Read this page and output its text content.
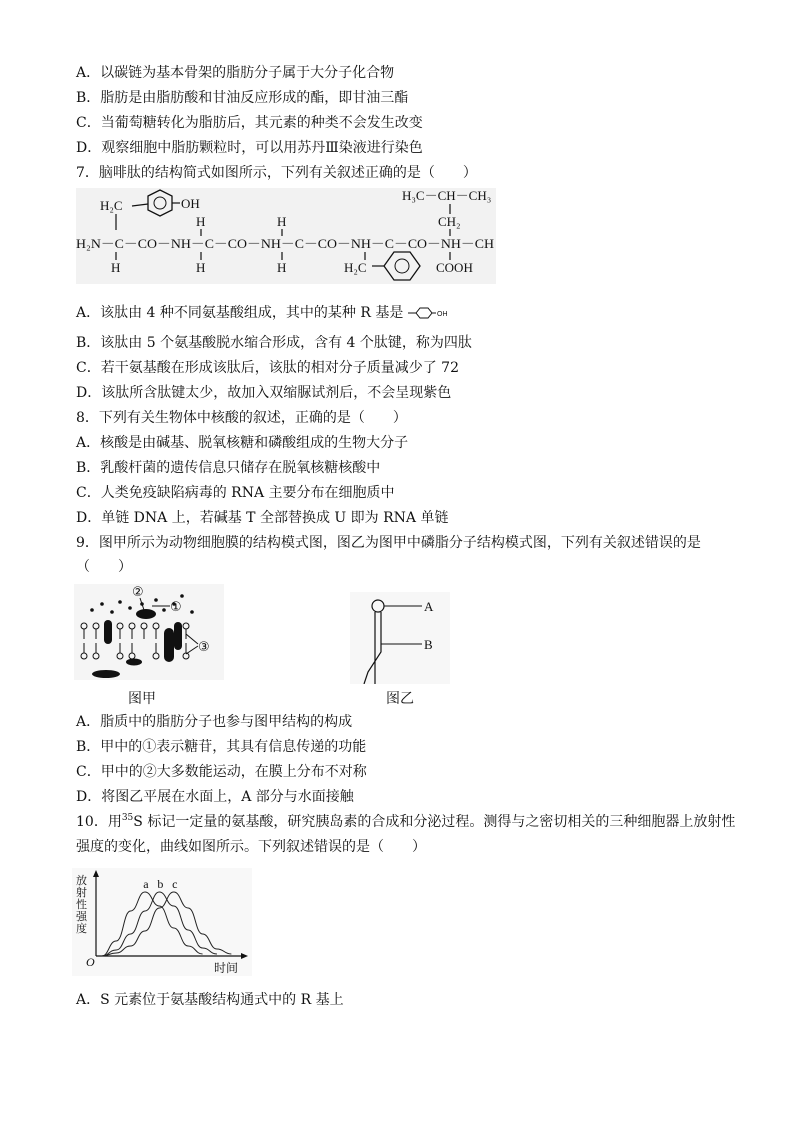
A．以碳链为基本骨架的脂肪分子属于大分子化合物
B．脂肪是由脂肪酸和甘油反应形成的酯，即甘油三酯
C．当葡萄糖转化为脂肪后，其元素的种类不会发生改变
D．观察细胞中脂肪颗粒时，可以用苏丹Ⅲ染液进行染色
7．脑啡肽的结构简式如图所示，下列有关叙述正确的是（　　）
H₂C	OH
H₃C－CH－CH₃
CH₂
H	H
H₂N－C－CO－NH－C－CO－NH－C－CO－NH－C－CO－NH－CH
H	H	H	H₂C	COOH
A．该肽由 4 种不同氨基酸组成，其中的某种 R 基是	OH
B．该肽由 5 个氨基酸脱水缩合形成，含有 4 个肽键，称为四肽
C．若干氨基酸在形成该肽后，该肽的相对分子质量减少了 72
D．该肽所含肽键太少，故加入双缩脲试剂后，不会呈现紫色
8．下列有关生物体中核酸的叙述，正确的是（　　）
A．核酸是由碱基、脱氧核糖和磷酸组成的生物大分子
B．乳酸杆菌的遗传信息只储存在脱氧核糖核酸中
C．人类免疫缺陷病毒的 RNA 主要分布在细胞质中
D．单链 DNA 上，若碱基 T 全部替换成 U 即为 RNA 单链
9．图甲所示为动物细胞膜的结构模式图，图乙为图甲中磷脂分子结构模式图，下列有关叙述错误的是
（　　）
②
①
③
图甲
A
B
图乙
A．脂质中的脂肪分子也参与图甲结构的构成
B．甲中的①表示糖苷，其具有信息传递的功能
C．甲中的②大多数能运动，在膜上分布不对称
D．将图乙平展在水面上，A 部分与水面接触
10．用$^{35}$S 标记一定量的氨基酸，研究胰岛素的合成和分泌过程。测得与之密切相关的三种细胞器上放射性
强度的变化，曲线如图所示。下列叙述错误的是（　　）
放
射
性
强
度
O	时间
a b c
A．S 元素位于氨基酸结构通式中的 R 基上
